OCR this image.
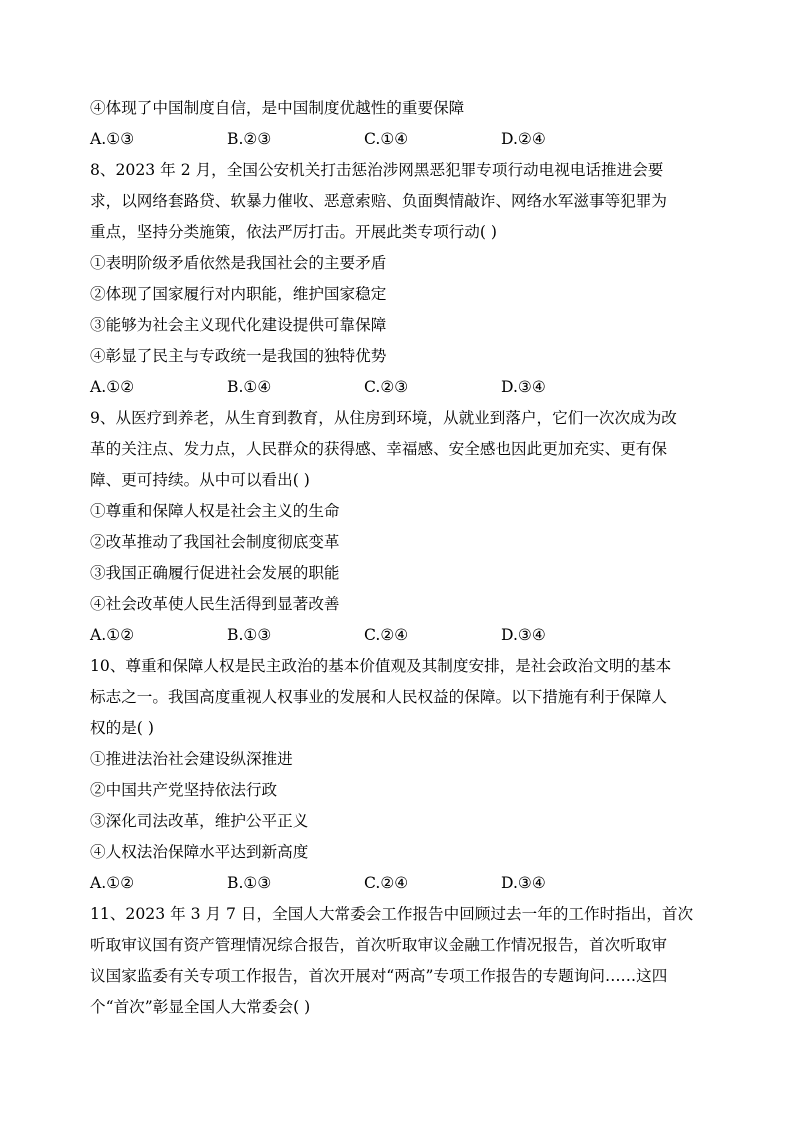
④体现了中国制度自信，是中国制度优越性的重要保障
A.①③	B.②③	C.①④	D.②④
8、2023 年 2 月，全国公安机关打击惩治涉网黑恶犯罪专项行动电视电话推进会要
求，以网络套路贷、软暴力催收、恶意索赔、负面舆情敲诈、网络水军滋事等犯罪为
重点，坚持分类施策，依法严厉打击。开展此类专项行动( )
①表明阶级矛盾依然是我国社会的主要矛盾
②体现了国家履行对内职能，维护国家稳定
③能够为社会主义现代化建设提供可靠保障
④彰显了民主与专政统一是我国的独特优势
A.①②	B.①④	C.②③	D.③④
9、从医疗到养老，从生育到教育，从住房到环境，从就业到落户，它们一次次成为改
革的关注点、发力点，人民群众的获得感、幸福感、安全感也因此更加充实、更有保
障、更可持续。从中可以看出( )
①尊重和保障人权是社会主义的生命
②改革推动了我国社会制度彻底变革
③我国正确履行促进社会发展的职能
④社会改革使人民生活得到显著改善
A.①②	B.①③	C.②④	D.③④
10、尊重和保障人权是民主政治的基本价值观及其制度安排，是社会政治文明的基本
标志之一。我国高度重视人权事业的发展和人民权益的保障。以下措施有利于保障人
权的是( )
①推进法治社会建设纵深推进
②中国共产党坚持依法行政
③深化司法改革，维护公平正义
④人权法治保障水平达到新高度
A.①②	B.①③	C.②④	D.③④
11、2023 年 3 月 7 日，全国人大常委会工作报告中回顾过去一年的工作时指出，首次
听取审议国有资产管理情况综合报告，首次听取审议金融工作情况报告，首次听取审
议国家监委有关专项工作报告，首次开展对“两高”专项工作报告的专题询问……这四
个“首次”彰显全国人大常委会( )
